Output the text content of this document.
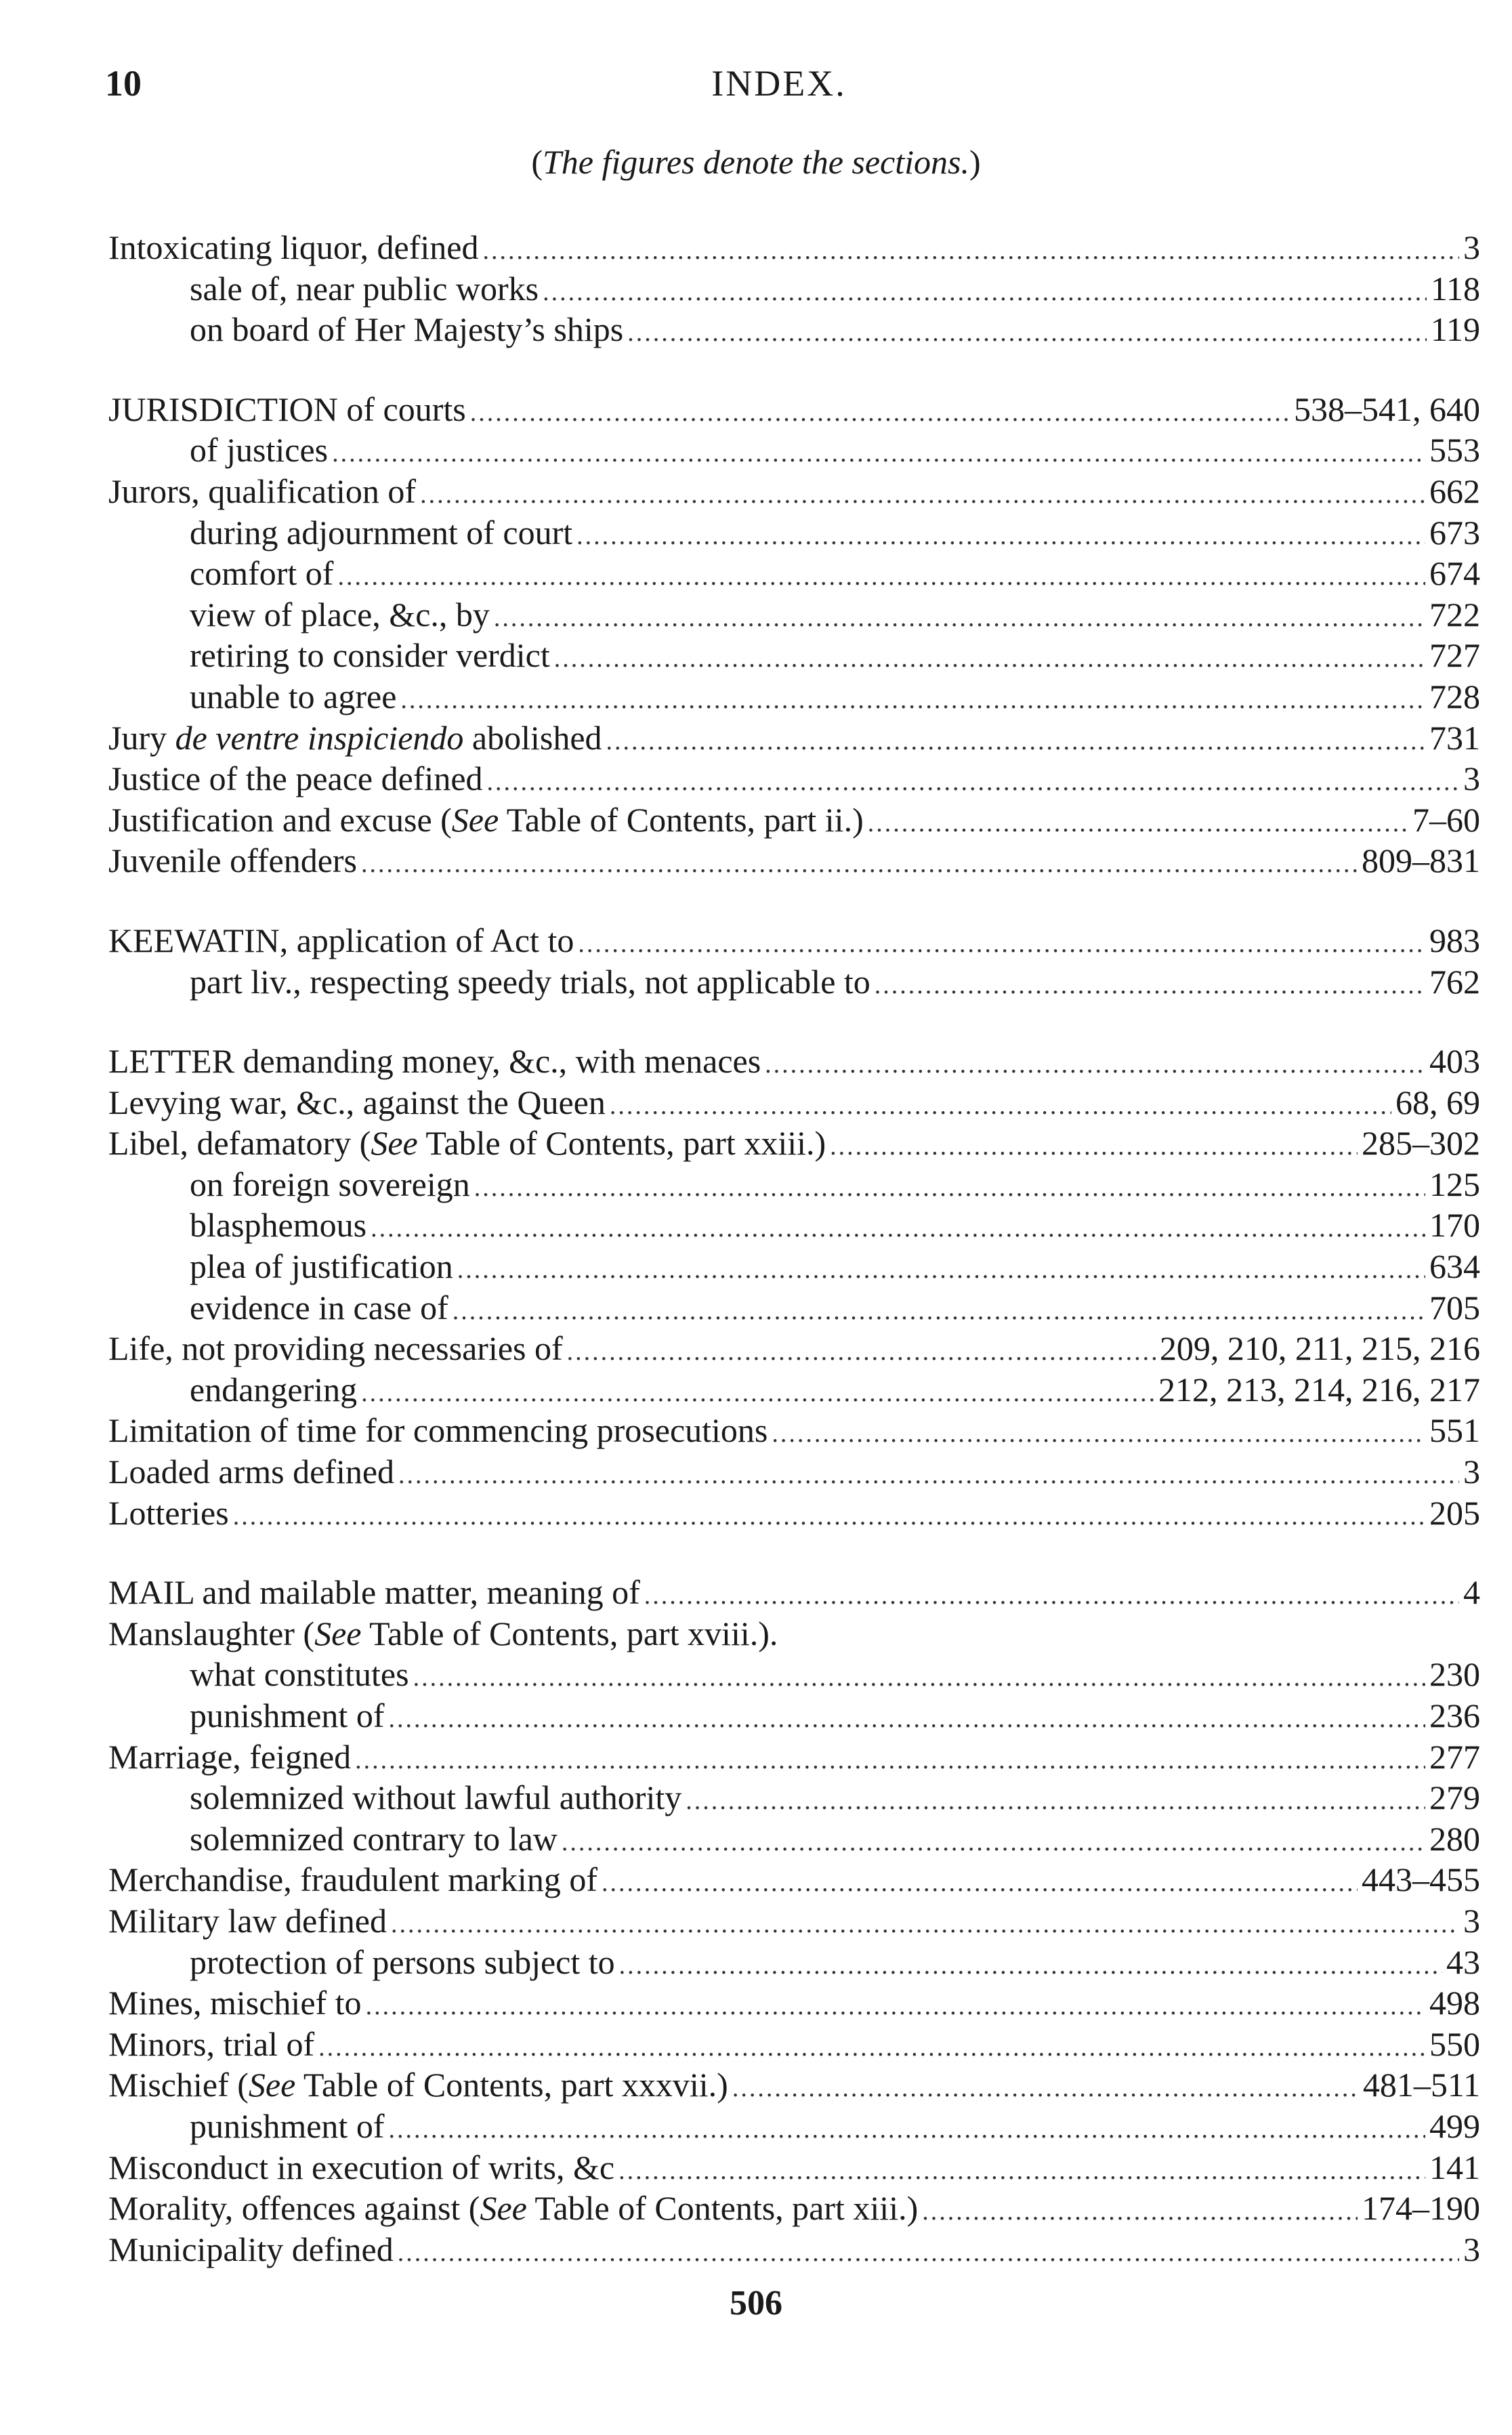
10	INDEX.
(The figures denote the sections.)
Intoxicating liquor, defined .....	3
sale of, near public works .....	118
on board of Her Majesty’s ships .....	119
JURISDICTION of courts .....	538–541, 640
of justices .....	553
Jurors, qualification of .....	662
during adjournment of court .....	673
comfort of .....	674
view of place, &c., by .....	722
retiring to consider verdict .....	727
unable to agree .....	728
Jury de ventre inspiciendo abolished .....	731
Justice of the peace defined .....	3
Justification and excuse (See Table of Contents, part ii.) .....	7–60
Juvenile offenders .....	809–831
KEEWATIN, application of Act to .....	983
part liv., respecting speedy trials, not applicable to .....	762
LETTER demanding money, &c., with menaces .....	403
Levying war, &c., against the Queen .....	68, 69
Libel, defamatory (See Table of Contents, part xxiii.) .....	285–302
on foreign sovereign .....	125
blasphemous .....	170
plea of justification .....	634
evidence in case of .....	705
Life, not providing necessaries of .....	209, 210, 211, 215, 216
endangering .....	212, 213, 214, 216, 217
Limitation of time for commencing prosecutions .....	551
Loaded arms defined .....	3
Lotteries .....	205
MAIL and mailable matter, meaning of .....	4
Manslaughter (See Table of Contents, part xviii.).
what constitutes .....	230
punishment of .....	236
Marriage, feigned .....	277
solemnized without lawful authority .....	279
solemnized contrary to law .....	280
Merchandise, fraudulent marking of .....	443–455
Military law defined .....	3
protection of persons subject to .....	43
Mines, mischief to .....	498
Minors, trial of .....	550
Mischief (See Table of Contents, part xxxvii.) .....	481–511
punishment of .....	499
Misconduct in execution of writs, &c .....	141
Morality, offences against (See Table of Contents, part xiii.) .....	174–190
Municipality defined .....	3
506
